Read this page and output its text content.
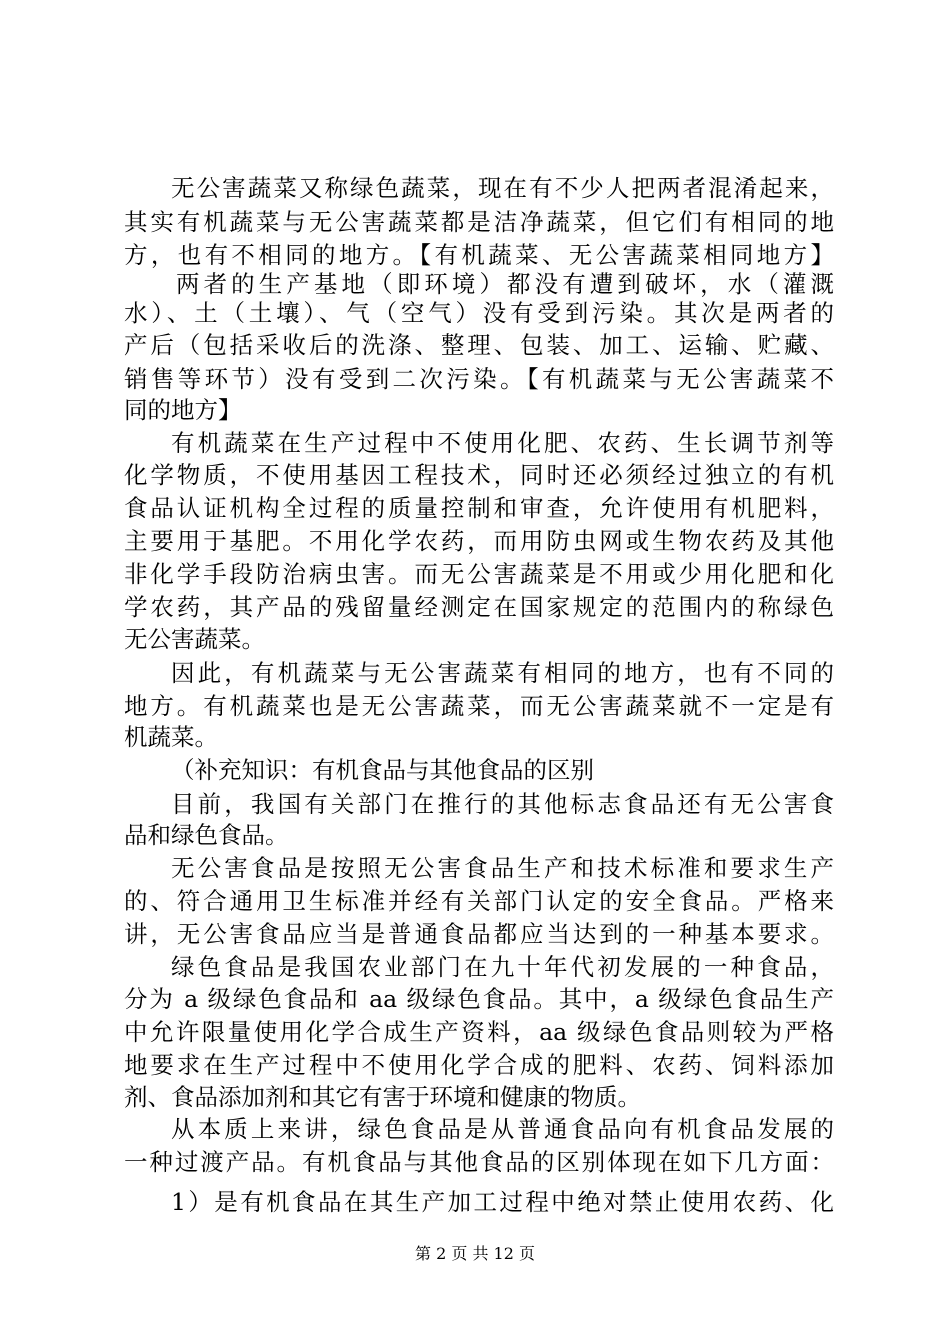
无公害蔬菜又称绿色蔬菜，现在有不少人把两者混淆起来，
其实有机蔬菜与无公害蔬菜都是洁净蔬菜，但它们有相同的地
方，也有不相同的地方。【有机蔬菜、无公害蔬菜相同地方】
两者的生产基地（即环境）都没有遭到破坏，水（灌溉
水）、土（土壤）、气（空气）没有受到污染。其次是两者的
产后（包括采收后的洗涤、整理、包装、加工、运输、贮藏、
销售等环节）没有受到二次污染。【有机蔬菜与无公害蔬菜不
同的地方】
有机蔬菜在生产过程中不使用化肥、农药、生长调节剂等
化学物质，不使用基因工程技术，同时还必须经过独立的有机
食品认证机构全过程的质量控制和审查，允许使用有机肥料，
主要用于基肥。不用化学农药，而用防虫网或生物农药及其他
非化学手段防治病虫害。而无公害蔬菜是不用或少用化肥和化
学农药，其产品的残留量经测定在国家规定的范围内的称绿色
无公害蔬菜。
因此，有机蔬菜与无公害蔬菜有相同的地方，也有不同的
地方。有机蔬菜也是无公害蔬菜，而无公害蔬菜就不一定是有
机蔬菜。
（补充知识：有机食品与其他食品的区别
目前，我国有关部门在推行的其他标志食品还有无公害食
品和绿色食品。
无公害食品是按照无公害食品生产和技术标准和要求生产
的、符合通用卫生标准并经有关部门认定的安全食品。严格来
讲，无公害食品应当是普通食品都应当达到的一种基本要求。
绿色食品是我国农业部门在九十年代初发展的一种食品，
分为 a 级绿色食品和 aa 级绿色食品。其中，a 级绿色食品生产
中允许限量使用化学合成生产资料，aa 级绿色食品则较为严格
地要求在生产过程中不使用化学合成的肥料、农药、饲料添加
剂、食品添加剂和其它有害于环境和健康的物质。
从本质上来讲，绿色食品是从普通食品向有机食品发展的
一种过渡产品。有机食品与其他食品的区别体现在如下几方面：
1）是有机食品在其生产加工过程中绝对禁止使用农药、化
第 2 页 共 12 页
